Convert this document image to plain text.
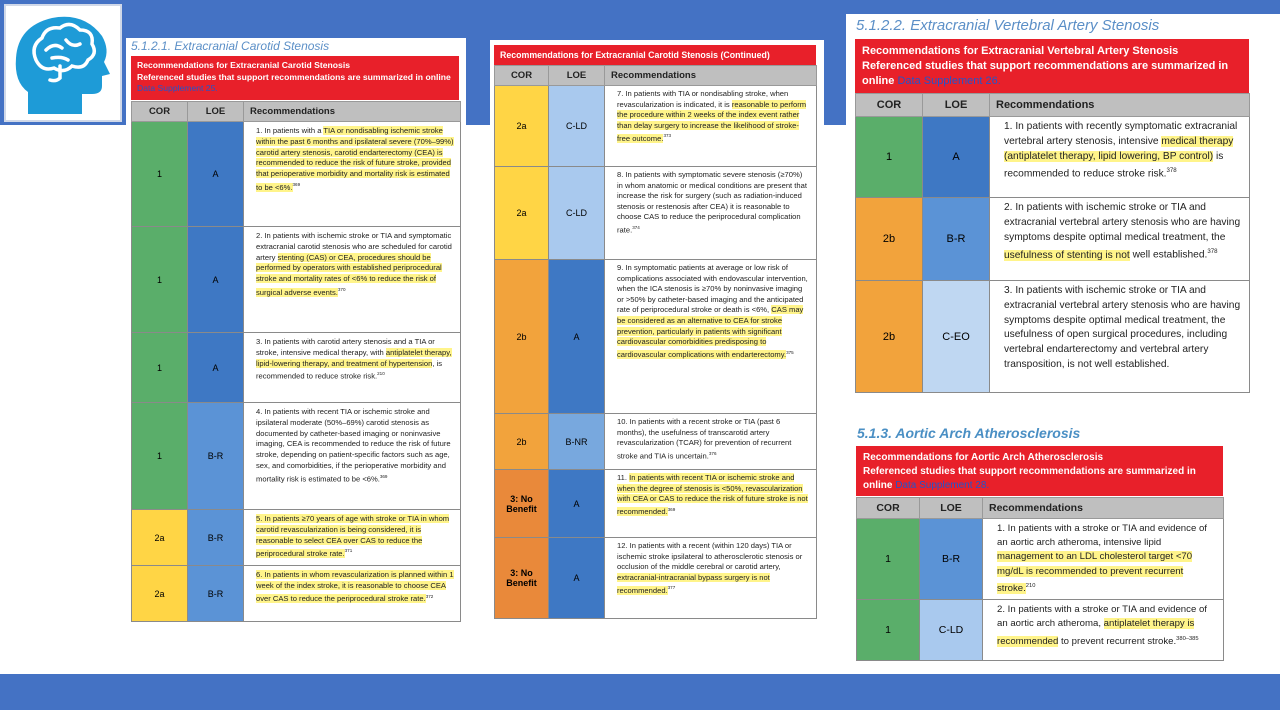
5.1.2.1. Extracranial Carotid Stenosis
Recommendations for Extracranial Carotid Stenosis
Referenced studies that support recommendations are summarized in online Data Supplement 25.
COR	LOE	Recommendations
1	A	1. In patients with a TIA or nondisabling ischemic stroke within the past 6 months and ipsilateral severe (70%–99%) carotid artery stenosis, carotid endarterectomy (CEA) is recommended to reduce the risk of future stroke, provided that perioperative morbidity and mortality risk is estimated to be <6%.$^{369}$
1	A	2. In patients with ischemic stroke or TIA and symptomatic extracranial carotid stenosis who are scheduled for carotid artery stenting (CAS) or CEA, procedures should be performed by operators with established periprocedural stroke and mortality rates of <6% to reduce the risk of surgical adverse events.$^{370}$
1	A	3. In patients with carotid artery stenosis and a TIA or stroke, intensive medical therapy, with antiplatelet therapy, lipid-lowering therapy, and treatment of hypertension, is recommended to reduce stroke risk.$^{210}$
1	B-R	4. In patients with recent TIA or ischemic stroke and ipsilateral moderate (50%–69%) carotid stenosis as documented by catheter-based imaging or noninvasive imaging, CEA is recommended to reduce the risk of future stroke, depending on patient-specific factors such as age, sex, and comorbidities, if the perioperative morbidity and mortality risk is estimated to be <6%.$^{369}$
2a	B-R	5. In patients ≥70 years of age with stroke or TIA in whom carotid revascularization is being considered, it is reasonable to select CEA over CAS to reduce the periprocedural stroke rate.$^{371}$
2a	B-R	6. In patients in whom revascularization is planned within 1 week of the index stroke, it is reasonable to choose CEA over CAS to reduce the periprocedural stroke rate.$^{372}$
Recommendations for Extracranial Carotid Stenosis (Continued)
COR	LOE	Recommendations
2a	C-LD	7. In patients with TIA or nondisabling stroke, when revascularization is indicated, it is reasonable to perform the procedure within 2 weeks of the index event rather than delay surgery to increase the likelihood of stroke-free outcome.$^{373}$
2a	C-LD	8. In patients with symptomatic severe stenosis (≥70%) in whom anatomic or medical conditions are present that increase the risk for surgery (such as radiation-induced stenosis or restenosis after CEA) it is reasonable to choose CAS to reduce the periprocedural complication rate.$^{374}$
2b	A	9. In symptomatic patients at average or low risk of complications associated with endovascular intervention, when the ICA stenosis is ≥70% by noninvasive imaging or >50% by catheter-based imaging and the anticipated rate of periprocedural stroke or death is <6%, CAS may be considered as an alternative to CEA for stroke prevention, particularly in patients with significant cardiovascular comorbidities predisposing to cardiovascular complications with endarterectomy.$^{375}$
2b	B-NR	10. In patients with a recent stroke or TIA (past 6 months), the usefulness of transcarotid artery revascularization (TCAR) for prevention of recurrent stroke and TIA is uncertain.$^{376}$
3: No Benefit	A	11. In patients with recent TIA or ischemic stroke and when the degree of stenosis is <50%, revascularization with CEA or CAS to reduce the risk of future stroke is not recommended.$^{369}$
3: No Benefit	A	12. In patients with a recent (within 120 days) TIA or ischemic stroke ipsilateral to atherosclerotic stenosis or occlusion of the middle cerebral or carotid artery, extracranial-intracranial bypass surgery is not recommended.$^{377}$
5.1.2.2. Extracranial Vertebral Artery Stenosis
Recommendations for Extracranial Vertebral Artery Stenosis
Referenced studies that support recommendations are summarized in online Data Supplement 26.
COR	LOE	Recommendations
1	A	1. In patients with recently symptomatic extracranial vertebral artery stenosis, intensive medical therapy (antiplatelet therapy, lipid lowering, BP control) is recommended to reduce stroke risk.$^{378}$
2b	B-R	2. In patients with ischemic stroke or TIA and extracranial vertebral artery stenosis who are having symptoms despite optimal medical treatment, the usefulness of stenting is not well established.$^{378}$
2b	C-EO	3. In patients with ischemic stroke or TIA and extracranial vertebral artery stenosis who are having symptoms despite optimal medical treatment, the usefulness of open surgical procedures, including vertebral endarterectomy and vertebral artery transposition, is not well established.
5.1.3. Aortic Arch Atherosclerosis
Recommendations for Aortic Arch Atherosclerosis
Referenced studies that support recommendations are summarized in online Data Supplement 28.
COR	LOE	Recommendations
1	B-R	1. In patients with a stroke or TIA and evidence of an aortic arch atheroma, intensive lipid management to an LDL cholesterol target <70 mg/dL is recommended to prevent recurrent stroke.$^{210}$
1	C-LD	2. In patients with a stroke or TIA and evidence of an aortic arch atheroma, antiplatelet therapy is recommended to prevent recurrent stroke.$^{380-385}$
